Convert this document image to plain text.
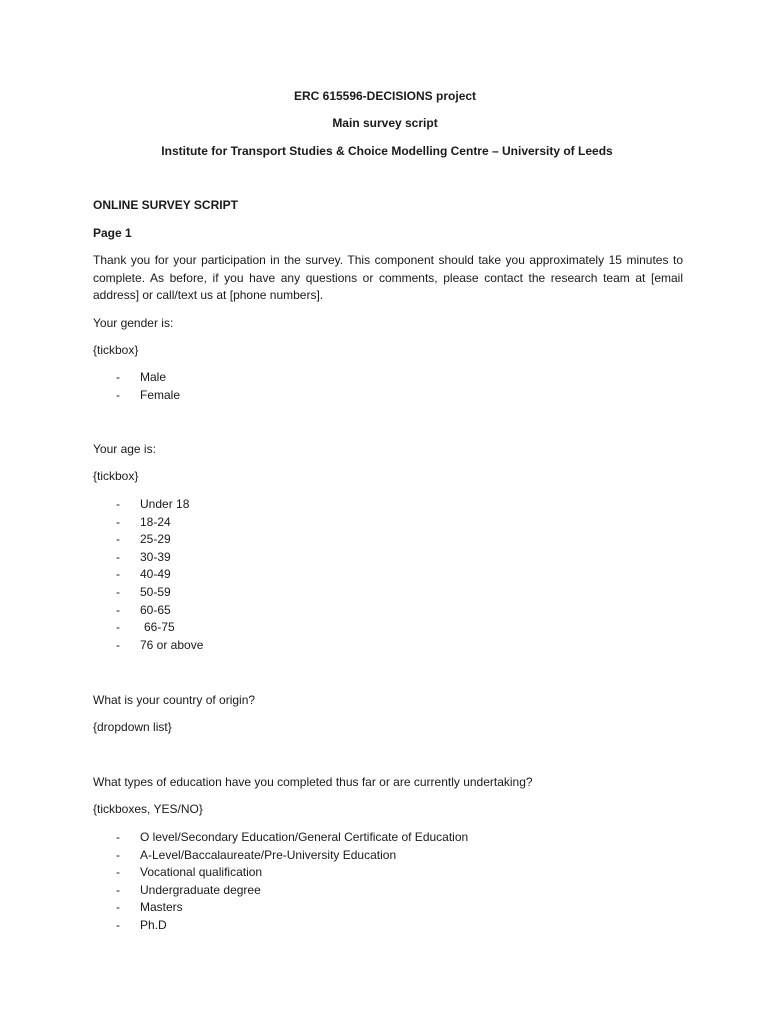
ERC 615596-DECISIONS project
Main survey script
Institute for Transport Studies & Choice Modelling Centre – University of Leeds
ONLINE SURVEY SCRIPT
Page 1
Thank you for your participation in the survey. This component should take you approximately 15 minutes to complete. As before, if you have any questions or comments, please contact the research team at [email address] or call/text us at [phone numbers].
Your gender is:
{tickbox}
- Male
- Female
Your age is:
{tickbox}
- Under 18
- 18-24
- 25-29
- 30-39
- 40-49
- 50-59
- 60-65
- 66-75
- 76 or above
What is your country of origin?
{dropdown list}
What types of education have you completed thus far or are currently undertaking?
{tickboxes, YES/NO}
- O level/Secondary Education/General Certificate of Education
- A-Level/Baccalaureate/Pre-University Education
- Vocational qualification
- Undergraduate degree
- Masters
- Ph.D
